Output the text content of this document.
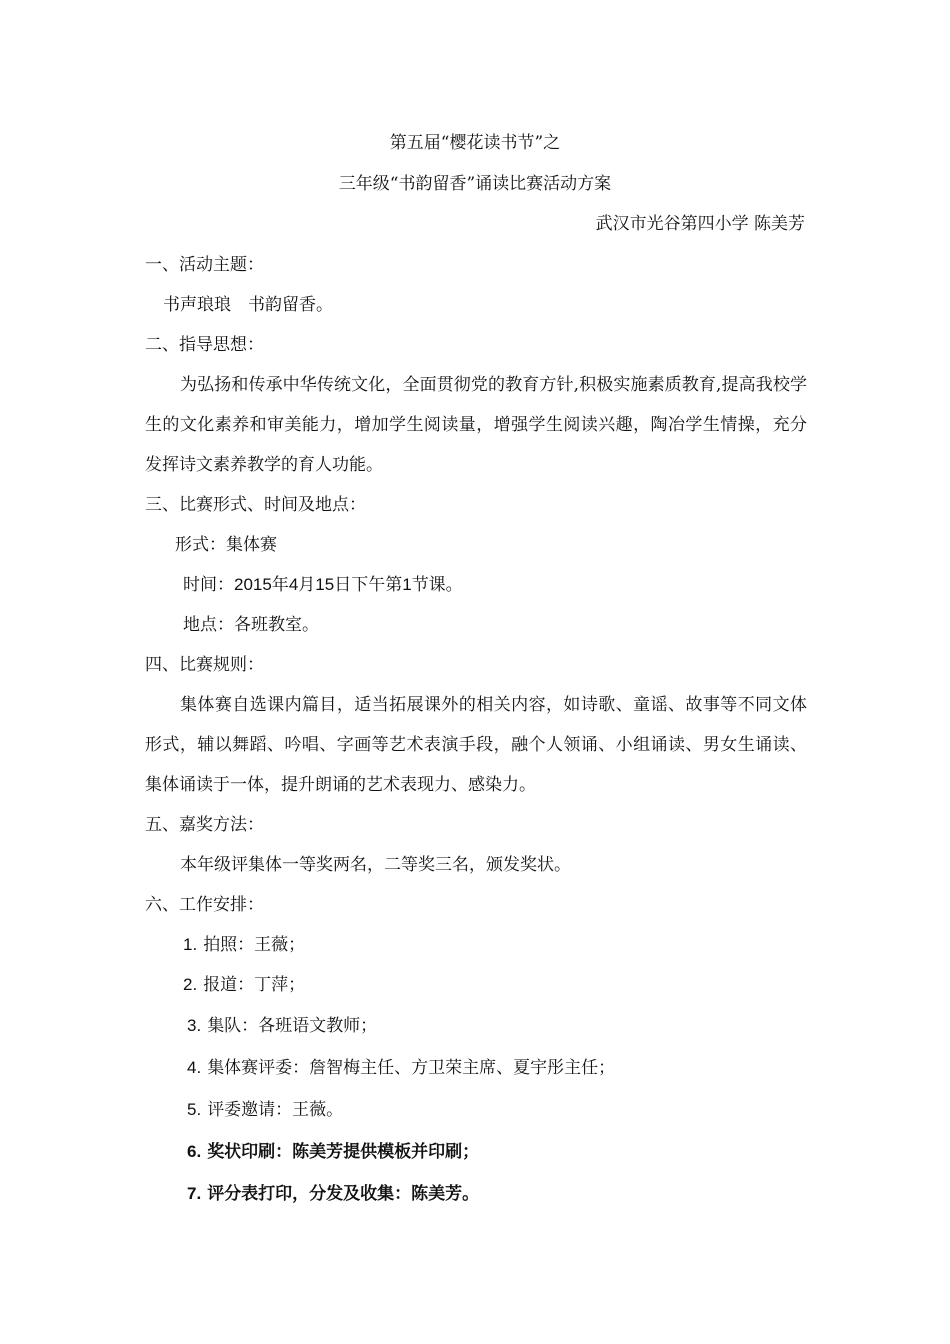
第五届“樱花读书节”之
三年级“书韵留香”诵读比赛活动方案
武汉市光谷第四小学 陈美芳
一、活动主题：
书声琅琅　书韵留香。
二、指导思想：
为弘扬和传承中华传统文化，全面贯彻党的教育方针,积极实施素质教育,提高我校学生的文化素养和审美能力，增加学生阅读量，增强学生阅读兴趣，陶冶学生情操，充分发挥诗文素养教学的育人功能。
三、比赛形式、时间及地点：
形式：集体赛
时间：2015年4月15日下午第1节课。
地点：各班教室。
四、比赛规则：
集体赛自选课内篇目，适当拓展课外的相关内容，如诗歌、童谣、故事等不同文体形式，辅以舞蹈、吟唱、字画等艺术表演手段，融个人领诵、小组诵读、男女生诵读、集体诵读于一体，提升朗诵的艺术表现力、感染力。
五、嘉奖方法：
本年级评集体一等奖两名，二等奖三名，颁发奖状。
六、工作安排：
1. 拍照：王薇；
2. 报道：丁萍；
3. 集队：各班语文教师；
4. 集体赛评委：詹智梅主任、方卫荣主席、夏宇彤主任；
5. 评委邀请：王薇。
6. 奖状印刷：陈美芳提供模板并印刷；
7. 评分表打印，分发及收集：陈美芳。
